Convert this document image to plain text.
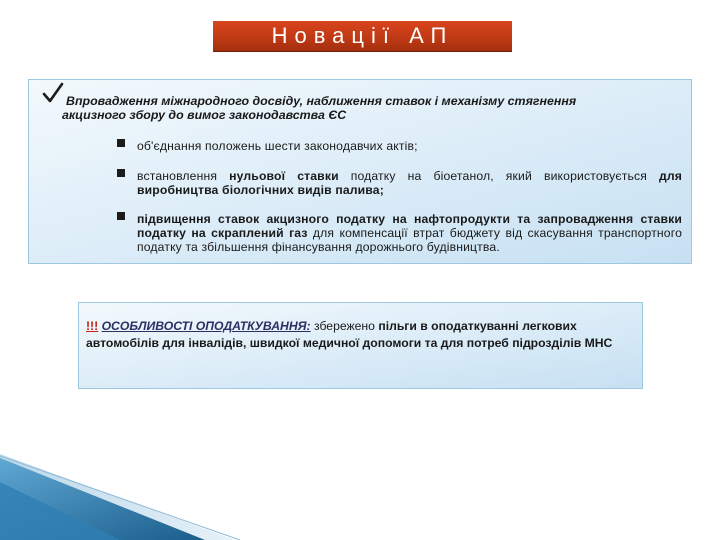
Новації АП
Впровадження міжнародного досвіду, наближення ставок і механізму стягнення
акцизного збору до вимог законодавства ЄС
об'єднання положень шести законодавчих актів;
встановлення нульової ставки податку на біоетанол, який використовується для виробництва біологічних видів палива;
підвищення ставок акцизного податку на нафтопродукти та запровадження ставки податку на скраплений газ для компенсації втрат бюджету від скасування транспортного податку та збільшення фінансування дорожнього будівництва.
!!! ОСОБЛИВОСТІ ОПОДАТКУВАННЯ: збережено пільги в оподаткуванні легкових автомобілів для інвалідів, швидкої медичної допомоги та для потреб підрозділів МНС
